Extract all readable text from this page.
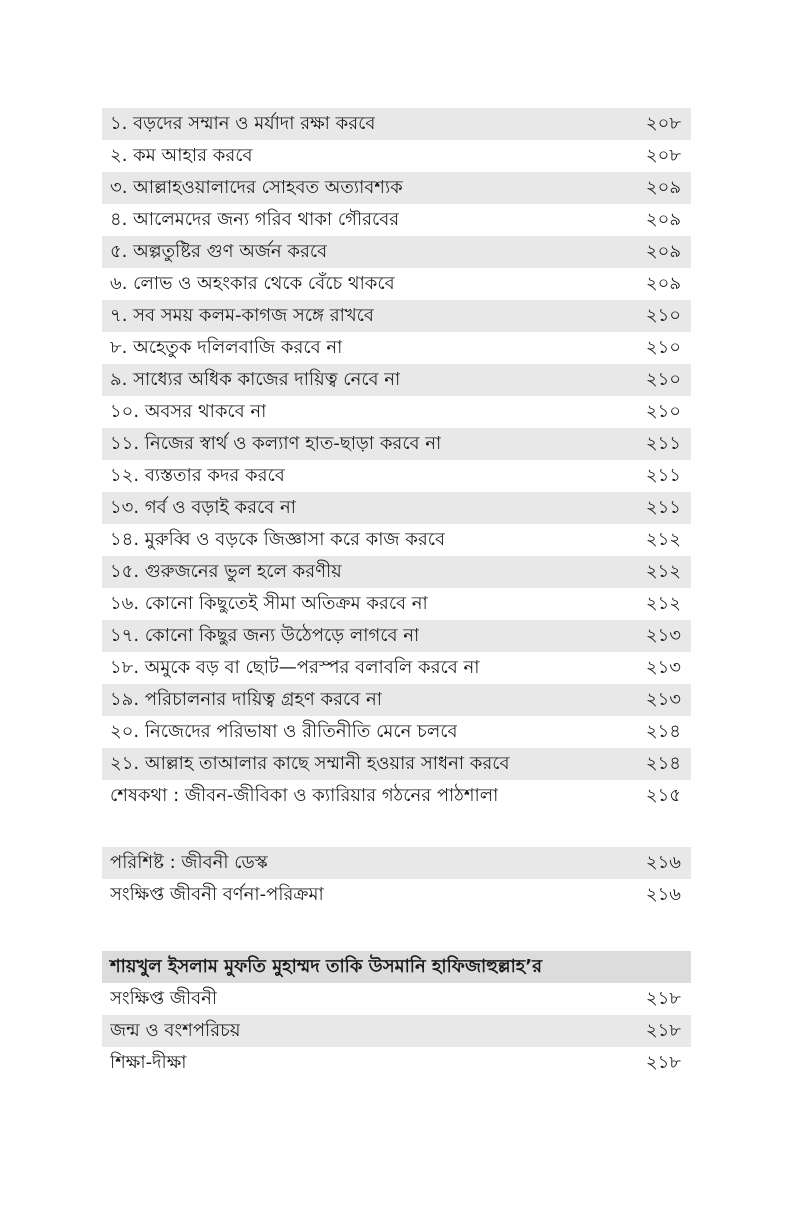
১. বড়দের সম্মান ও মর্যাদা রক্ষা করবে	২০৮
২. কম আহার করবে	২০৮
৩. আল্লাহওয়ালাদের সোহবত অত্যাবশ্যক	২০৯
৪. আলেমদের জন্য গরিব থাকা গৌরবের	২০৯
৫. অল্পতুষ্টির গুণ অর্জন করবে	২০৯
৬. লোভ ও অহংকার থেকে বেঁচে থাকবে	২০৯
৭. সব সময় কলম-কাগজ সঙ্গে রাখবে	২১০
৮. অহেতুক দলিলবাজি করবে না	২১০
৯. সাধ্যের অধিক কাজের দায়িত্ব নেবে না	২১০
১০. অবসর থাকবে না	২১০
১১. নিজের স্বার্থ ও কল্যাণ হাত-ছাড়া করবে না	২১১
১২. ব্যস্ততার কদর করবে	২১১
১৩. গর্ব ও বড়াই করবে না	২১১
১৪. মুরুব্বি ও বড়কে জিজ্ঞাসা করে কাজ করবে	২১২
১৫. গুরুজনের ভুল হলে করণীয়	২১২
১৬. কোনো কিছুতেই সীমা অতিক্রম করবে না	২১২
১৭. কোনো কিছুর জন্য উঠেপড়ে লাগবে না	২১৩
১৮. অমুকে বড় বা ছোট—পরস্পর বলাবলি করবে না	২১৩
১৯. পরিচালনার দায়িত্ব গ্রহণ করবে না	২১৩
২০. নিজেদের পরিভাষা ও রীতিনীতি মেনে চলবে	২১৪
২১. আল্লাহ তাআলার কাছে সম্মানী হওয়ার সাধনা করবে	২১৪
শেষকথা : জীবন-জীবিকা ও ক্যারিয়ার গঠনের পাঠশালা	২১৫
পরিশিষ্ট : জীবনী ডেস্ক	২১৬
সংক্ষিপ্ত জীবনী বর্ণনা-পরিক্রমা	২১৬
শায়খুল ইসলাম মুফতি মুহাম্মদ তাকি উসমানি হাফিজাহুল্লাহ’র
সংক্ষিপ্ত জীবনী	২১৮
জন্ম ও বংশপরিচয়	২১৮
শিক্ষা-দীক্ষা	২১৮
